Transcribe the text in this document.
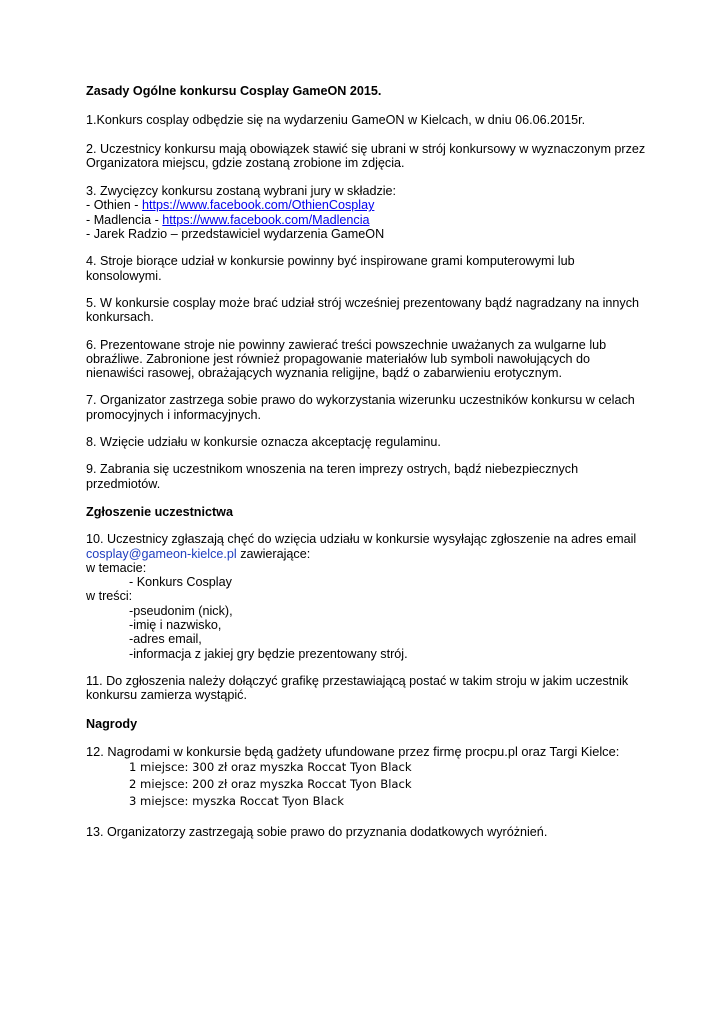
Zasady Ogólne konkursu Cosplay GameON 2015.

1.Konkurs cosplay odbędzie się na wydarzeniu GameON w Kielcach, w dniu 06.06.2015r.

2. Uczestnicy konkursu mają obowiązek stawić się ubrani w strój konkursowy w wyznaczonym przez Organizatora miejscu, gdzie zostaną zrobione im zdjęcia.

3. Zwycięzcy konkursu zostaną wybrani jury w składzie:

- Othien - https://www.facebook.com/OthienCosplay

- Madlencia - https://www.facebook.com/Madlencia

- Jarek Radzio – przedstawiciel wydarzenia GameON

4. Stroje biorące udział w konkursie powinny być inspirowane grami komputerowymi lub konsolowymi.

5. W konkursie cosplay może brać udział strój wcześniej prezentowany bądź nagradzany na innych konkursach.

6. Prezentowane stroje nie powinny zawierać treści powszechnie uważanych za wulgarne lub obraźliwe. Zabronione jest również propagowanie materiałów lub symboli nawołujących do nienawiści rasowej, obrażających wyznania religijne, bądź o zabarwieniu erotycznym.

7. Organizator zastrzega sobie prawo do wykorzystania wizerunku uczestników konkursu w celach promocyjnych i informacyjnych.

8. Wzięcie udziału w konkursie oznacza akceptację regulaminu.

9. Zabrania się uczestnikom wnoszenia na teren imprezy ostrych, bądź niebezpiecznych przedmiotów.

Zgłoszenie uczestnictwa

10. Uczestnicy zgłaszają chęć do wzięcia udziału w konkursie wysyłając zgłoszenie na adres email

cosplay@gameon-kielce.pl zawierające:

w temacie:

- Konkurs Cosplay

w treści:

-pseudonim (nick),

-imię i nazwisko,

-adres email,

-informacja z jakiej gry będzie prezentowany strój.

11. Do zgłoszenia należy dołączyć grafikę przestawiającą postać w takim stroju w jakim uczestnik konkursu zamierza wystąpić.

Nagrody

12. Nagrodami w konkursie będą gadżety ufundowane przez firmę procpu.pl oraz Targi Kielce:

1 miejsce: 300 zł oraz myszka Roccat Tyon Black

2 miejsce: 200 zł oraz myszka Roccat Tyon Black

3 miejsce: myszka Roccat Tyon Black

13. Organizatorzy zastrzegają sobie prawo do przyznania dodatkowych wyróżnień.
